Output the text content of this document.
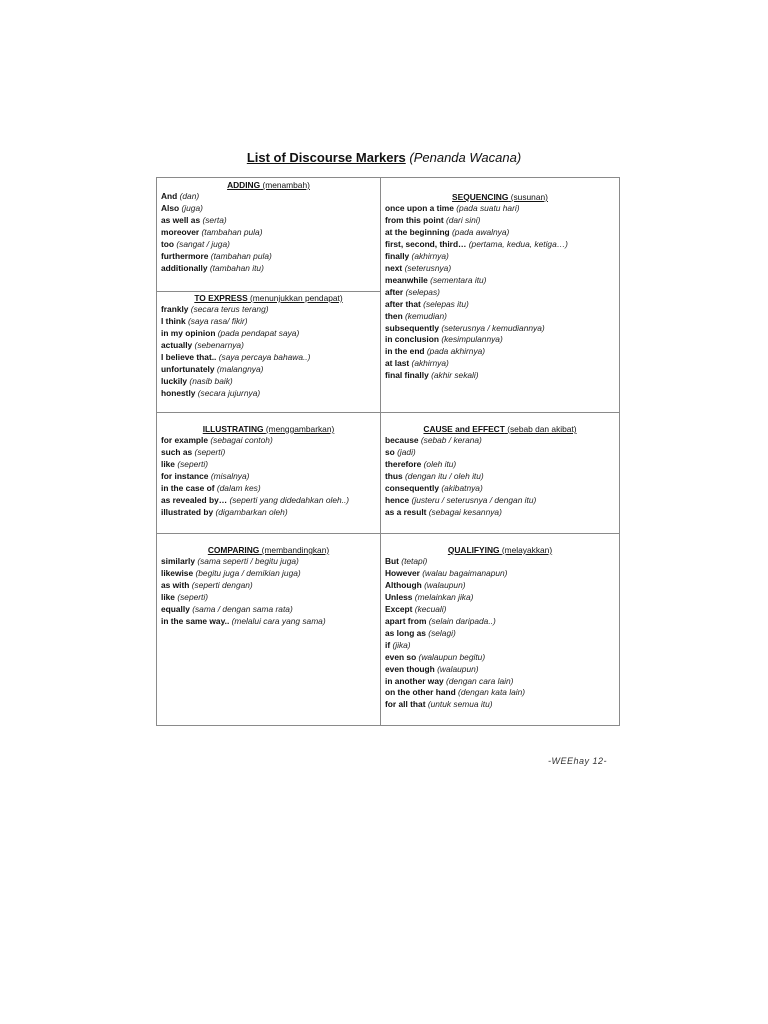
List of Discourse Markers (Penanda Wacana)
ADDING (menambah)
And (dan)
Also (juga)
as well as (serta)
moreover (tambahan pula)
too (sangat / juga)
furthermore (tambahan pula)
additionally (tambahan itu)
SEQUENCING (susunan)
once upon a time (pada suatu hari)
from this point (dari sini)
at the beginning (pada awalnya)
first, second, third… (pertama, kedua, ketiga…)
finally (akhirnya)
next (seterusnya)
meanwhile (sementara itu)
after (selepas)
after that (selepas itu)
then (kemudian)
subsequently (seterusnya / kemudiannya)
in conclusion (kesimpulannya)
in the end (pada akhirnya)
at last (akhirnya)
final finally (akhir sekali)
TO EXPRESS (menunjukkan pendapat)
frankly (secara terus terang)
I think (saya rasa/ fikir)
in my opinion (pada pendapat saya)
actually (sebenarnya)
I believe that.. (saya percaya bahawa..)
unfortunately (malangnya)
luckily (nasib baik)
honestly (secara jujurnya)
ILLUSTRATING (menggambarkan)
for example (sebagai contoh)
such as (seperti)
like (seperti)
for instance (misalnya)
in the case of (dalam kes)
as revealed by… (seperti yang didedahkan oleh..)
illustrated by (digambarkan oleh)
CAUSE and EFFECT (sebab dan akibat)
because (sebab / kerana)
so (jadi)
therefore (oleh itu)
thus (dengan itu / oleh itu)
consequently (akibatnya)
hence (justeru / seterusnya / dengan itu)
as a result (sebagai kesannya)
COMPARING (membandingkan)
similarly (sama seperti / begitu juga)
likewise (begitu juga / demikian juga)
as with (seperti dengan)
like (seperti)
equally (sama / dengan sama rata)
in the same way.. (melalui cara yang sama)
QUALIFYING (melayakkan)
But (tetapi)
However (walau bagaimanapun)
Although (walaupun)
Unless (melainkan jika)
Except (kecuali)
apart from (selain daripada..)
as long as (selagi)
if (jika)
even so (walaupun begitu)
even though (walaupun)
in another way (dengan cara lain)
on the other hand (dengan kata lain)
for all that (untuk semua itu)
-WEEhay 12-
